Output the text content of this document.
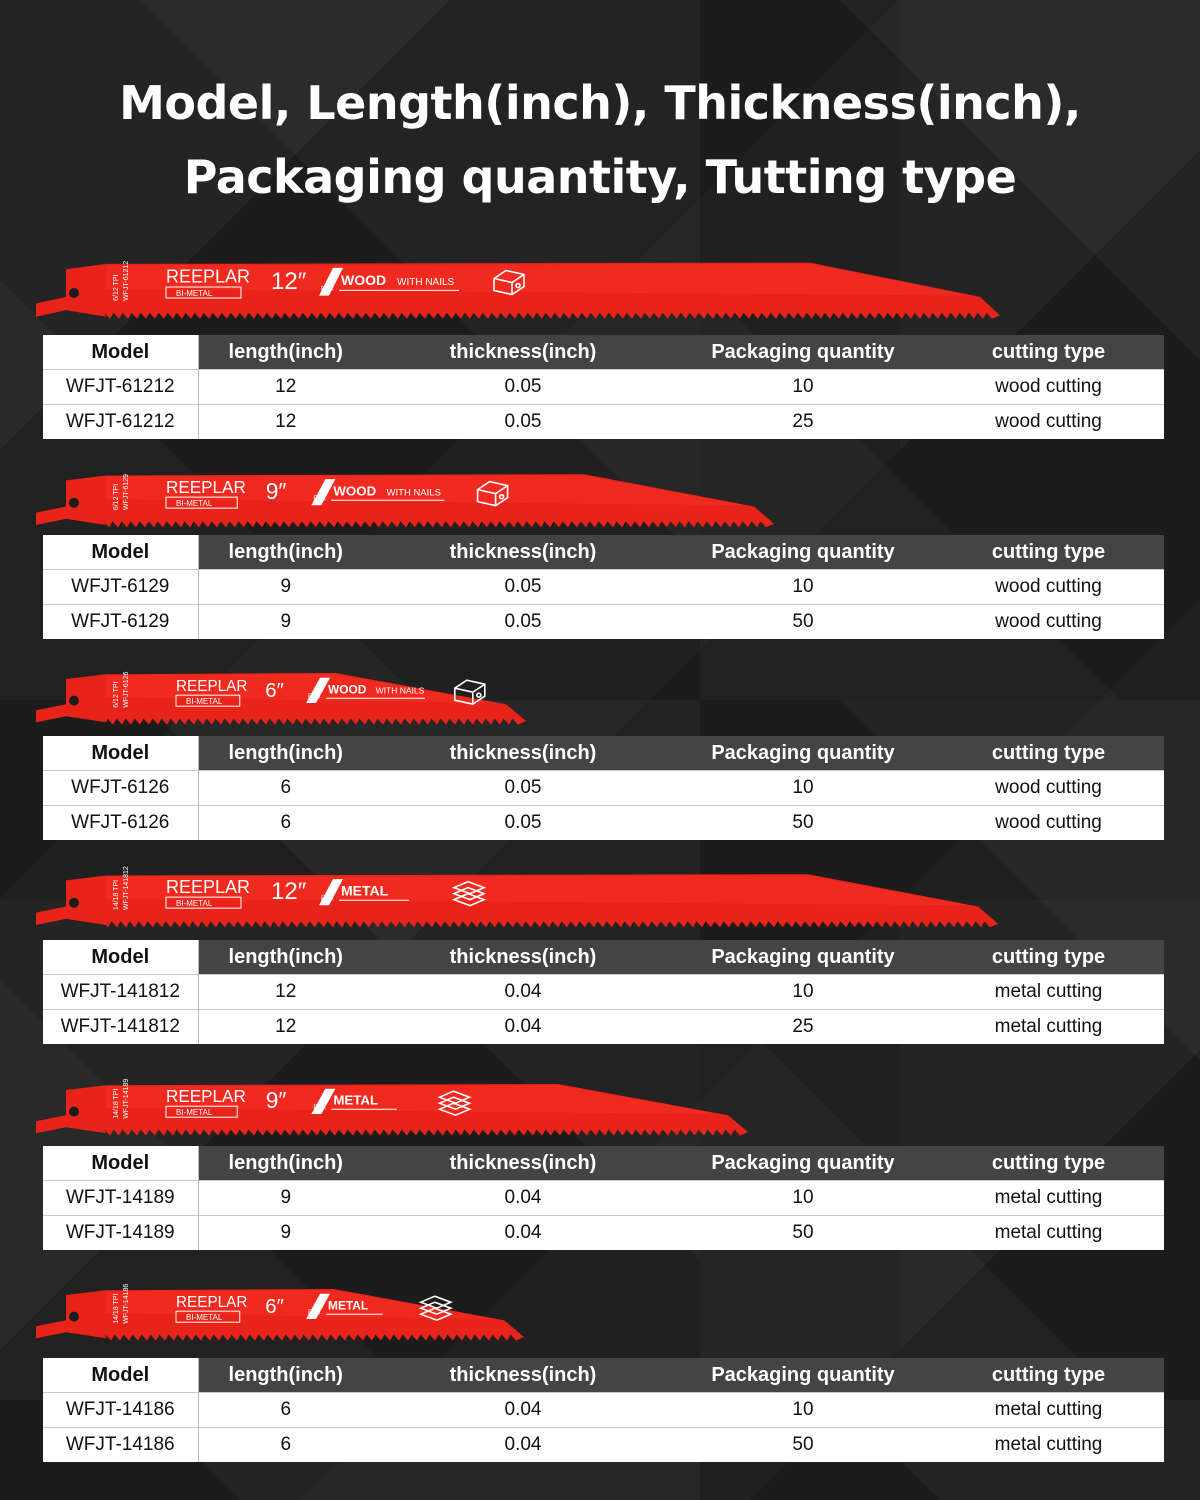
Model, Length(inch), Thickness(inch),
Packaging quantity, Tutting type
WFJT-61212
6/12 TPI	REEPLAR
BI-METAL 12″ FOR
WOOD WITH NAILS
Model	length(inch)	thickness(inch)	Packaging quantity	cutting type
WFJT-61212	12	0.05	10	wood cutting
WFJT-61212	12	0.05	25	wood cutting
WFJT-6129
6/12 TPI	REEPLAR
BI-METAL 9″	FOR
WOOD WITH NAILS
Model	length(inch)	thickness(inch)	Packaging quantity	cutting type
WFJT-6129	9	0.05	10	wood cutting
WFJT-6129	9	0.05	50	wood cutting
WFJT-6126
6/12 TPI	REEPLAR
BI-METAL 6″	FOR
WOOD WITH NAILS
Model	length(inch)	thickness(inch)	Packaging quantity	cutting type
WFJT-6126	6	0.05	10	wood cutting
WFJT-6126	6	0.05	50	wood cutting
WFJT-141812
14/18 TPI	REEPLAR
BI-METAL 12″ FOR
METAL
Model	length(inch)	thickness(inch)	Packaging quantity	cutting type
WFJT-141812	12	0.04	10	metal cutting
WFJT-141812	12	0.04	25	metal cutting
WFJT-14189
14/18 TPI	REEPLAR
BI-METAL 9″	FOR
METAL
Model	length(inch)	thickness(inch)	Packaging quantity	cutting type
WFJT-14189	9	0.04	10	metal cutting
WFJT-14189	9	0.04	50	metal cutting
WFJT-14186
14/18 TPI	REEPLAR
BI-METAL 6″	FOR
METAL
Model	length(inch)	thickness(inch)	Packaging quantity	cutting type
WFJT-14186	6	0.04	10	metal cutting
WFJT-14186	6	0.04	50	metal cutting
